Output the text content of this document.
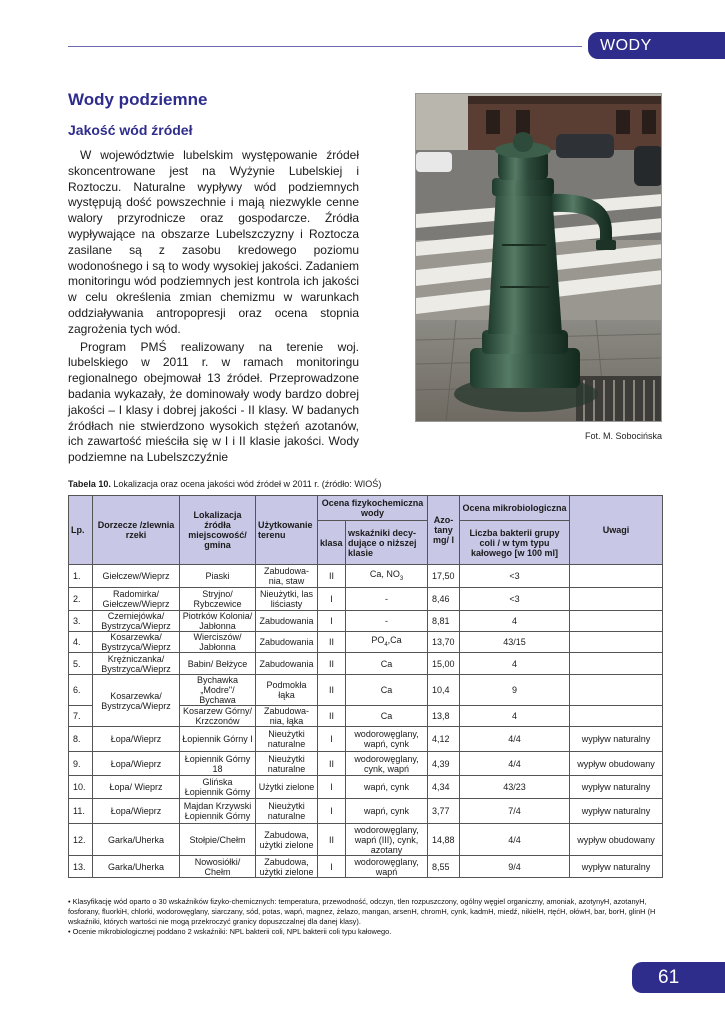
WODY
Wody podziemne
Jakość wód źródeł

W województwie lubelskim występowanie źródeł skoncentrowane jest na Wyżynie Lubelskiej i Roztoczu. Naturalne wypływy wód podziemnych występują dość powszechnie i mają niezwykle cenne walory przyrodnicze oraz gospodarcze. Źródła wypływające na obszarze Lubelszczyzny i Roztocza zasilane są z zasobu kredowego poziomu wodonośnego i są to wody wysokiej jakości. Zadaniem monitoringu wód podziemnych jest kontrola ich jakości w celu określenia zmian chemizmu w warunkach oddziaływania antropopresji oraz ocena stopnia zagrożenia tych wód.

Program PMŚ realizowany na terenie woj. lubelskiego w 2011 r. w ramach monitoringu regionalnego obejmował 13 źródeł. Przeprowadzone badania wykazały, że dominowały wody bardzo dobrej jakości – I klasy i dobrej jakości - II klasy. W badanych źródłach nie stwierdzono wysokich stężeń azotanów, ich zawartość mieściła się w I i II klasie jakości. Wody podziemne na Lubelszczyźnie

Fot. M. Sobocińska
Tabela 10. Lokalizacja oraz ocena jakości wód źródeł w 2011 r. (źródło: WIOŚ)
Lp.	Dorzecze /zlewnia rzeki	Lokalizacja źródła miejscowość/ gmina	Użytkowanie terenu	Ocena fizykochemiczna wody		Azo- tany mg/ l	Ocena mikrobiologiczna	Uwagi
				klasa	wskaźniki decy- dujące o niższej klasie		Liczba bakterii grupy coli / w tym typu kałowego [w 100 ml]	
1.	Giełczew/Wieprz	Piaski	Zabudowa- nia, staw	II	Ca, $NO_3$	17,50	<3	
2.	Radomirka/ Giełczew/Wieprz	Stryjno/ Rybczewice	Nieużytki, las liściasty	I	-	8,46	<3	
3.	Czerniejówka/ Bystrzyca/Wieprz	Piotrków Kolonia/ Jabłonna	Zabudowania	I	-	8,81	4	
4.	Kosarzewka/ Bystrzyca/Wieprz	Wierciszów/ Jabłonna	Zabudowania	II	$PO_4,Ca$	13,70	43/15	
5.	Krężniczanka/ Bystrzyca/Wieprz	Babin/ Bełżyce	Zabudowania	II	Ca	15,00	4	
6.	Kosarzewka/ Bystrzyca/Wieprz	Bychawka „Modre"/ Bychawa	Podmokła łąka	II	Ca	10,4	9	
7.		Kosarzew Górny/ Krzczonów	Zabudowa- nia, łąka	II	Ca	13,8	4	
8.	Łopa/Wieprz	Łopiennik Górny I	Nieużytki naturalne	I	wodorowęglany, wapń, cynk	4,12	4/4	wypływ naturalny
9.	Łopa/Wieprz	Łopiennik Górny 18	Nieużytki naturalne	II	wodorowęglany, cynk, wapń	4,39	4/4	wypływ obudowany
10.	Łopa/ Wieprz	Glińska Łopiennik Górny	Użytki zielone	I	wapń, cynk	4,34	43/23	wypływ naturalny
11.	Łopa/Wieprz	Majdan Krzywski Łopiennik Górny	Nieużytki naturalne	I	wapń, cynk	3,77	7/4	wypływ naturalny
12.	Garka/Uherka	Stołpie/Chełm	Zabudowa, użytki zielone	II	wodorowęglany, wapń (III), cynk, azotany	14,88	4/4	wypływ obudowany
13.	Garka/Uherka	Nowosiółki/ Chełm	Zabudowa, użytki zielone	I	wodorowęglany, wapń	8,55	9/4	wypływ naturalny
• Klasyfikację wód oparto o 30 wskaźników fizyko-chemicznych: temperatura, przewodność, odczyn, tlen rozpuszczony, ogólny węgiel organiczny, amoniak, azotynyH, azotanyH, fosforany, fluorkiH, chlorki, wodorowęglany, siarczany, sód, potas, wapń, magnez, żelazo, mangan, arsenH, chromH, cynk, kadmH, miedź, nikielH, rtęćH, ołówH, bar, borH, glinH (H wskaźniki, których wartości nie mogą przekroczyć granicy dopuszczalnej dla danej klasy).
• Ocenie mikrobiologicznej poddano 2 wskaźniki: NPL bakterii coli, NPL bakterii coli typu kałowego.
61
